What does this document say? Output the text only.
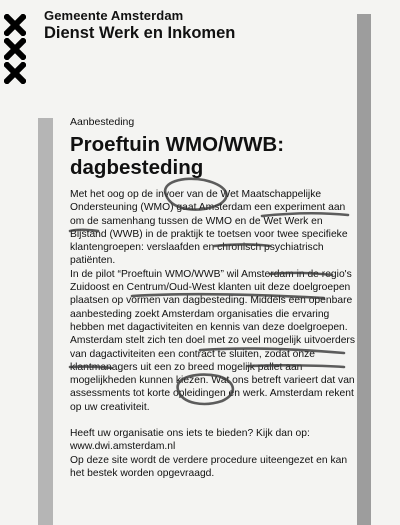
Gemeente Amsterdam
Dienst Werk en Inkomen
Aanbesteding
Proeftuin WMO/WWB: dagbesteding

Met het oog op de invoer van de Wet Maatschappelijke Ondersteuning (WMO) gaat Amsterdam een experiment aan om de samenhang tussen de WMO en de Wet Werk en Bijstand (WWB) in de praktijk te toetsen voor twee specifieke klantengroepen: verslaafden en chronisch psychiatrisch patiënten.

In de pilot “Proeftuin WMO/WWB” wil Amsterdam in de regio's Zuidoost en Centrum/Oud-West klanten uit deze doelgroepen plaatsen op vormen van dagbesteding. Middels een openbare aanbesteding zoekt Amsterdam organisaties die ervaring hebben met dagactiviteiten en kennis van deze doelgroepen. Amsterdam stelt zich ten doel met zo veel mogelijk uitvoerders van dagactiviteiten een contract te sluiten, zodat onze klantmanagers uit een zo breed mogelijk pallet aan mogelijkheden kunnen kiezen. Wat ons betreft varieert dat van assessments tot korte opleidingen en werk. Amsterdam rekent op uw creativiteit.

Heeft uw organisatie ons iets te bieden? Kijk dan op: www.dwi.amsterdam.nl

Op deze site wordt de verdere procedure uiteengezet en kan het bestek worden opgevraagd.
